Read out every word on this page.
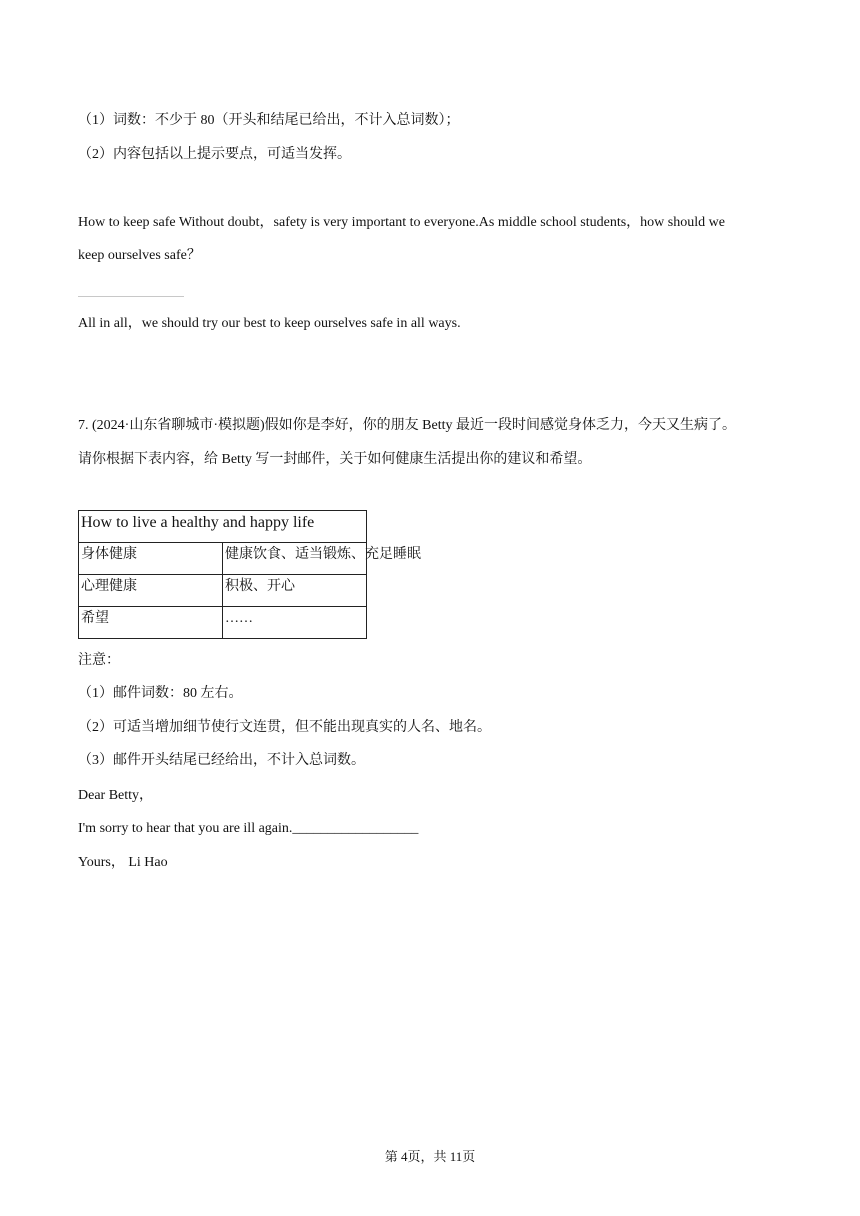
（1）词数：不少于 80（开头和结尾已给出，不计入总词数）；
（2）内容包括以上提示要点，可适当发挥。
How to keep safe Without doubt，safety is very important to everyone.As middle school students，how should we
keep ourselves safe？
All in all，we should try our best to keep ourselves safe in all ways.
7. (2024·山东省聊城市·模拟题)假如你是李好，你的朋友 Betty 最近一段时间感觉身体乏力，今天又生病了。
请你根据下表内容，给 Betty 写一封邮件，关于如何健康生活提出你的建议和希望。
How to live a healthy and happy life	
身体健康	健康饮食、适当锻炼、充足睡眠
心理健康	积极、开心
希望	……
注意：
（1）邮件词数：80 左右。
（2）可适当增加细节使行文连贯，但不能出现真实的人名、地名。
（3）邮件开头结尾已经给出，不计入总词数。
Dear Betty，
I'm sorry to hear that you are ill again.__________________
Yours， Li Hao
第 4页，共 11页
